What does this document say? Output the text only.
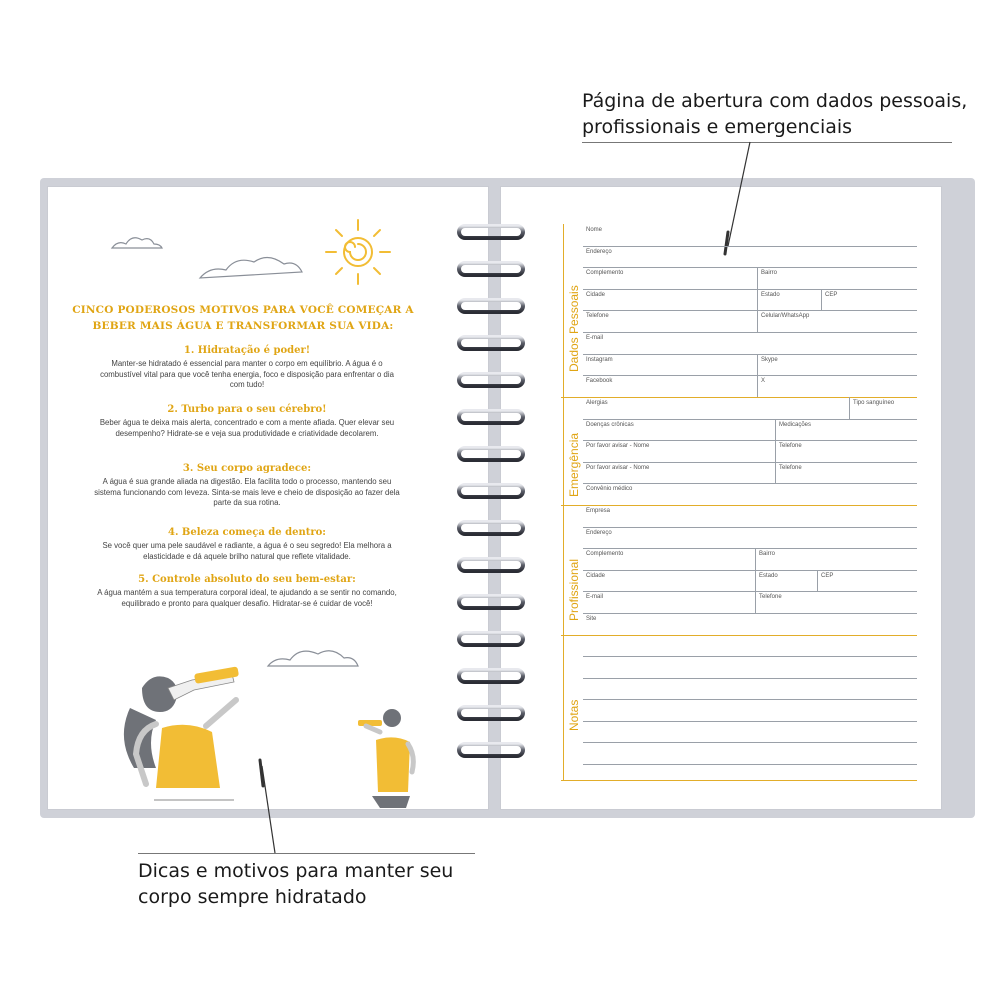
Página de abertura com dados pessoais,
profissionais e emergenciais
Dicas e motivos para manter seu
corpo sempre hidratado
CINCO PODEROSOS MOTIVOS PARA VOCÊ COMEÇAR A
BEBER MAIS ÁGUA E TRANSFORMAR SUA VIDA:
1. Hidratação é poder!

Manter-se hidratado é essencial para manter o corpo em equilíbrio. A água é o combustível vital para que você tenha energia, foco e disposição para enfrentar o dia com tudo!

2. Turbo para o seu cérebro!

Beber água te deixa mais alerta, concentrado e com a mente afiada. Quer elevar seu desempenho? Hidrate-se e veja sua produtividade e criatividade decolarem.

3. Seu corpo agradece:

A água é sua grande aliada na digestão. Ela facilita todo o processo, mantendo seu sistema funcionando com leveza. Sinta-se mais leve e cheio de disposição ao fazer dela parte da sua rotina.

4. Beleza começa de dentro:

Se você quer uma pele saudável e radiante, a água é o seu segredo! Ela melhora a elasticidade e dá aquele brilho natural que reflete vitalidade.

5. Controle absoluto do seu bem-estar:

A água mantém a sua temperatura corporal ideal, te ajudando a se sentir no comando, equilibrado e pronto para qualquer desafio. Hidratar-se é cuidar de você!

Dados Pessoais
Nome
Endereço
Complemento	Bairro
Cidade	Estado	CEP
Telefone	Celular/WhatsApp
E-mail
Instagram	Skype
Facebook	X
Emergência
Alergias	Tipo sanguíneo
Doenças crônicas	Medicações
Por favor avisar - Nome	Telefone
Por favor avisar - Nome	Telefone
Convênio médico
Profissional
Empresa
Endereço
Complemento	Bairro
Cidade	Estado	CEP
E-mail	Telefone
Site
Notas
